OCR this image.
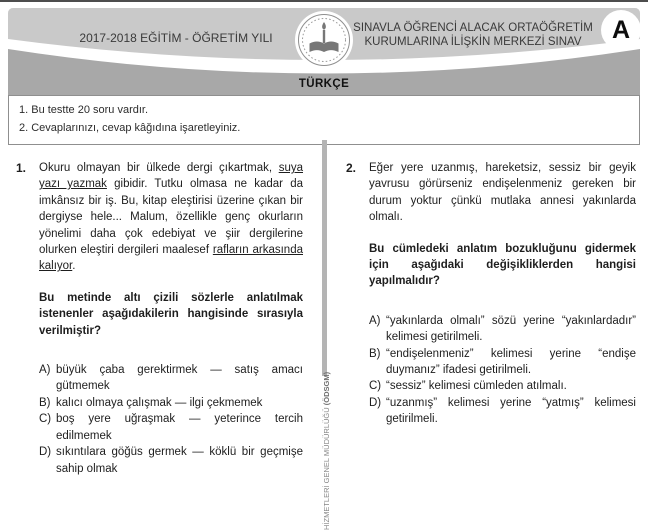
2017-2018 EĞİTİM - ÖĞRETİM YILI
SINAVLA ÖĞRENCİ ALACAK ORTAÖĞRETİM
KURUMLARINA İLİŞKİN MERKEZİ SINAV	A
TÜRKÇE
1. Bu testte 20 soru vardır.
2. Cevaplarınızı, cevap kâğıdına işaretleyiniz.
HİZMETLERİ GENEL MÜDÜRLÜĞÜ (ÖDSGM)
1.	Okuru olmayan bir ülkede dergi çıkartmak, suya yazı yazmak gibidir. Tutku olmasa ne kadar da imkânsız bir iş. Bu, kitap eleştirisi üzerine çıkan bir dergiyse hele... Malum, özellikle genç okurların yönelimi daha çok edebiyat ve şiir dergilerine olurken eleştiri dergileri maalesef rafların arkasında kalıyor.

Bu metinde altı çizili sözlerle anlatılmak istenenler aşağıdakilerin hangisinde sırasıyla verilmiştir?

A) büyük çaba gerektirmek — satış amacı gütmemek
B) kalıcı olmaya çalışmak — ilgi çekmemek
C) boş yere uğraşmak — yeterince tercih edilmemek
D) sıkıntılara göğüs germek — köklü bir geçmişe sahip olmak
2.	Eğer yere uzanmış, hareketsiz, sessiz bir geyik yavrusu görürseniz endişelenmeniz gereken bir durum yoktur çünkü mutlaka annesi yakınlarda olmalı.

Bu cümledeki anlatım bozukluğunu gidermek için aşağıdaki değişikliklerden hangisi yapılmalıdır?

A) “yakınlarda olmalı” sözü yerine “yakınlardadır” kelimesi getirilmeli.
B) “endişelenmeniz” kelimesi yerine “endişe duymanız” ifadesi getirilmeli.
C) “sessiz” kelimesi cümleden atılmalı.
D) “uzanmış” kelimesi yerine “yatmış” kelimesi getirilmeli.
